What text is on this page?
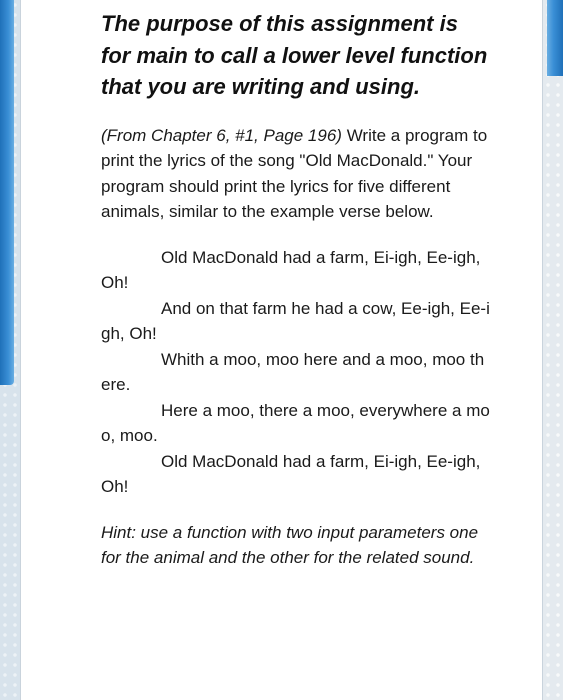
The purpose of this assignment is for main to call a lower level function that you are writing and using.

(From Chapter 6, #1, Page 196) Write a program to print the lyrics of the song "Old MacDonald." Your program should print the lyrics for five different animals, similar to the example verse below.

Old MacDonald had a farm, Ei-igh, Ee-igh, Oh!
And on that farm he had a cow, Ee-igh, Ee-igh, Oh!
Whith a moo, moo here and a moo, moo there.
Here a moo, there a moo, everywhere a moo, moo.
Old MacDonald had a farm, Ei-igh, Ee-igh, Oh!

Hint: use a function with two input parameters one for the animal and the other for the related sound.
